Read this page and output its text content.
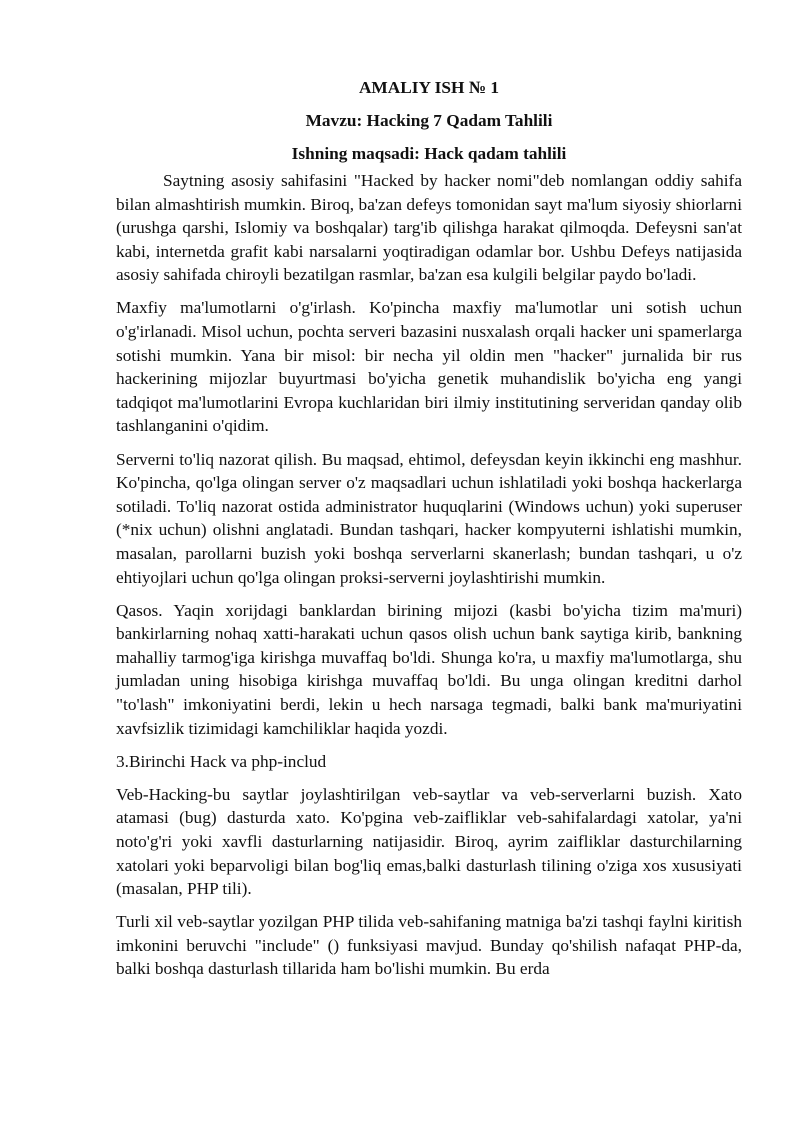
AMALIY ISH № 1
Mavzu: Hacking 7 Qadam Tahlili
Ishning maqsadi: Hack qadam tahlili

Saytning asosiy sahifasini "Hacked by hacker nomi"deb nomlangan oddiy sahifa bilan almashtirish mumkin. Biroq, ba'zan defeys tomonidan sayt ma'lum siyosiy shiorlarni (urushga qarshi, Islomiy va boshqalar) targ'ib qilishga harakat qilmoqda. Defeysni san'at kabi, internetda grafit kabi narsalarni yoqtiradigan odamlar bor. Ushbu Defeys natijasida asosiy sahifada chiroyli bezatilgan rasmlar, ba'zan esa kulgili belgilar paydo bo'ladi.

Maxfiy ma'lumotlarni o'g'irlash. Ko'pincha maxfiy ma'lumotlar uni sotish uchun o'g'irlanadi. Misol uchun, pochta serveri bazasini nusxalash orqali hacker uni spamerlarga sotishi mumkin. Yana bir misol: bir necha yil oldin men "hacker" jurnalida bir rus hackerining mijozlar buyurtmasi bo'yicha genetik muhandislik bo'yicha eng yangi tadqiqot ma'lumotlarini Evropa kuchlaridan biri ilmiy institutining serveridan qanday olib tashlanganini o'qidim.

Serverni to'liq nazorat qilish. Bu maqsad, ehtimol, defeysdan keyin ikkinchi eng mashhur. Ko'pincha, qo'lga olingan server o'z maqsadlari uchun ishlatiladi yoki boshqa hackerlarga sotiladi. To'liq nazorat ostida administrator huquqlarini (Windows uchun) yoki superuser (*nix uchun) olishni anglatadi. Bundan tashqari, hacker kompyuterni ishlatishi mumkin, masalan, parollarni buzish yoki boshqa serverlarni skanerlash; bundan tashqari, u o'z ehtiyojlari uchun qo'lga olingan proksi-serverni joylashtirishi mumkin.

Qasos. Yaqin xorijdagi banklardan birining mijozi (kasbi bo'yicha tizim ma'muri) bankirlarning nohaq xatti-harakati uchun qasos olish uchun bank saytiga kirib, bankning mahalliy tarmog'iga kirishga muvaffaq bo'ldi. Shunga ko'ra, u maxfiy ma'lumotlarga, shu jumladan uning hisobiga kirishga muvaffaq bo'ldi. Bu unga olingan kreditni darhol "to'lash" imkoniyatini berdi, lekin u hech narsaga tegmadi, balki bank ma'muriyatini xavfsizlik tizimidagi kamchiliklar haqida yozdi.

3.Birinchi Hack va php-includ

Veb-Hacking-bu saytlar joylashtirilgan veb-saytlar va veb-serverlarni buzish. Xato atamasi (bug) dasturda xato. Ko'pgina veb-zaifliklar veb-sahifalardagi xatolar, ya'ni noto'g'ri yoki xavfli dasturlarning natijasidir. Biroq, ayrim zaifliklar dasturchilarning xatolari yoki beparvoligi bilan bog'liq emas,balki dasturlash tilining o'ziga xos xususiyati (masalan, PHP tili).

Turli xil veb-saytlar yozilgan PHP tilida veb-sahifaning matniga ba'zi tashqi faylni kiritish imkonini beruvchi "include" () funksiyasi mavjud. Bunday qo'shilish nafaqat PHP-da, balki boshqa dasturlash tillarida ham bo'lishi mumkin. Bu erda
